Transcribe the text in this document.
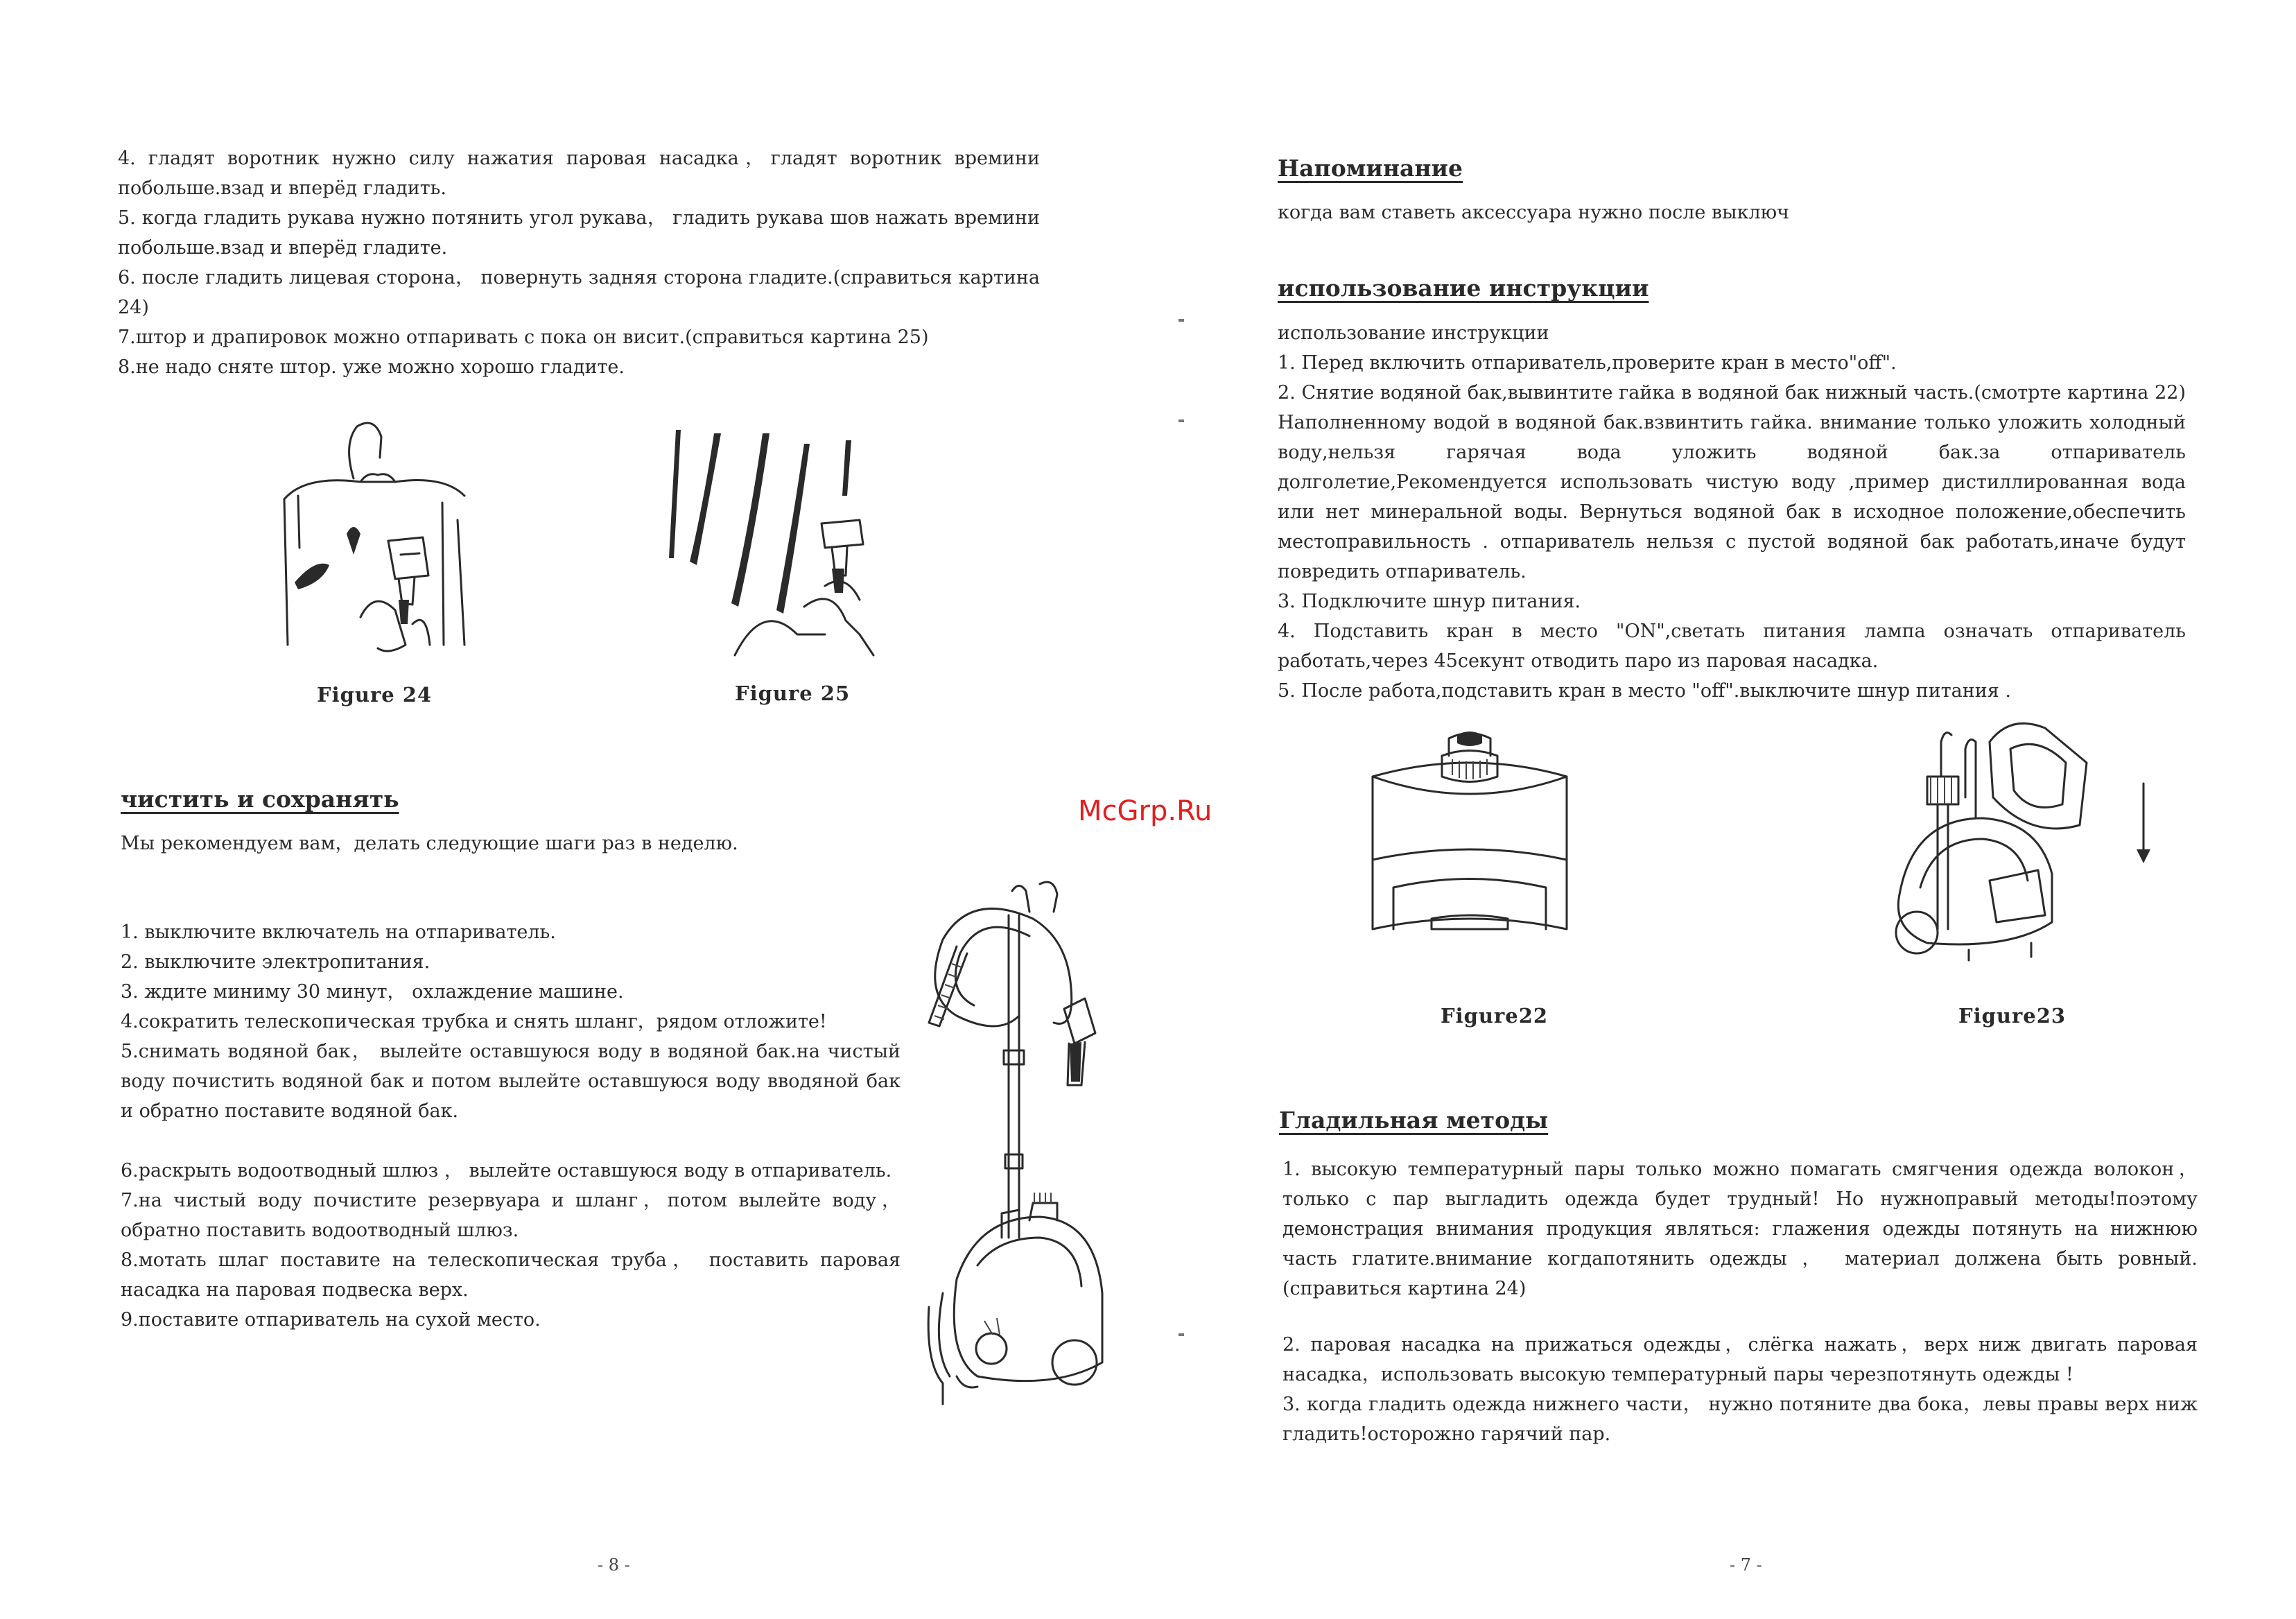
4. гладят воротник нужно силу нажатия паровая насадка，гладят воротник времини побольше.взад и вперёд гладить.

5. когда гладить рукава нужно потянить угол рукава， гладить рукава шов нажать времини побольше.взад и вперёд гладите.

6. после гладить лицевая сторона， повернуть задняя сторона гладите.(справиться картина 24)

7.штор и драпировок можно отпаривать с пока он висит.(справиться картина 25)

8.не надо сняте штор. уже можно хорошо гладите.

Figure 24	Figure 25
чистить и сохранять
Мы рекомендуем вам，делать следующие шаги раз в неделю.

1. выключите включатель на отпариватель.

2. выключите электропитания.

3. ждите миниму 30 минут， охлаждение машине.

4.сократить телескопическая трубка и снять шланг，рядом отложите!

5.снимать водяной бак， вылейте оставшуюся воду в водяной бак.на чистый воду почистить водяной бак и потом вылейте оставшуюся воду вводяной бак и обратно поставите водяной бак.

6.раскрыть водоотводный шлюз ， вылейте оставшуюся воду в отпариватель.

7.на чистый воду почистите резервуара и шланг，потом вылейте воду，обратно поставить водоотводный шлюз.

8.мотать шлаг поставите на телескопическая труба， поставить паровая насадка на паровая подвеска верх.

9.поставите отпариватель на сухой место.

- 8 -
McGrp.Ru
Напоминание
когда вам ставеть аксессуара нужно после выключ
использование инструкции

использование инструкции

1. Перед включить отпариватель,проверите кран в место"off".

2. Снятие водяной бак,вывинтите гайка в водяной бак нижный часть.(смотрте картина 22) Наполненному водой в водяной бак.взвинтить гайка. внимание только уложить холодный воду,нельзя гарячая вода уложить водяной бак.за отпариватель долголетие,Рекомендуется использовать чистую воду ,пример дистиллированная вода или нет минеральной воды. Вернуться водяной бак в исходное положение,обеспечить местоправильность . отпариватель нельзя с пустой водяной бак работать,иначе будут повредить отпариватель.

3. Подключите шнур питания.

4. Подставить кран в место "ON",светать питания лампа означать отпариватель работать,через 45секунт отводить паро из паровая насадка.

5. После работа,подставить кран в место "off".выключите шнур питания .

Figure22	Figure23
Гладильная методы

1. высокую температурный пары только можно помагать смягчения одежда волокон，только с пар выгладить одежда будет трудный! Но нужноправый методы!поэтому демонстрация внимания продукция являться: глажения одежды потянуть на нижнюю часть глатите.внимание когдапотянить одежды ， материал должена быть ровный.(справиться картина 24)

2. паровая насадка на прижаться одежды，слёгка нажать，верх ниж двигать паровая насадка，использовать высокую температурный пары черезпотянуть одежды !

3. когда гладить одежда нижнего части， нужно потяните два бока，левы правы верх ниж гладить!осторожно гарячий пар.

- 7 -
